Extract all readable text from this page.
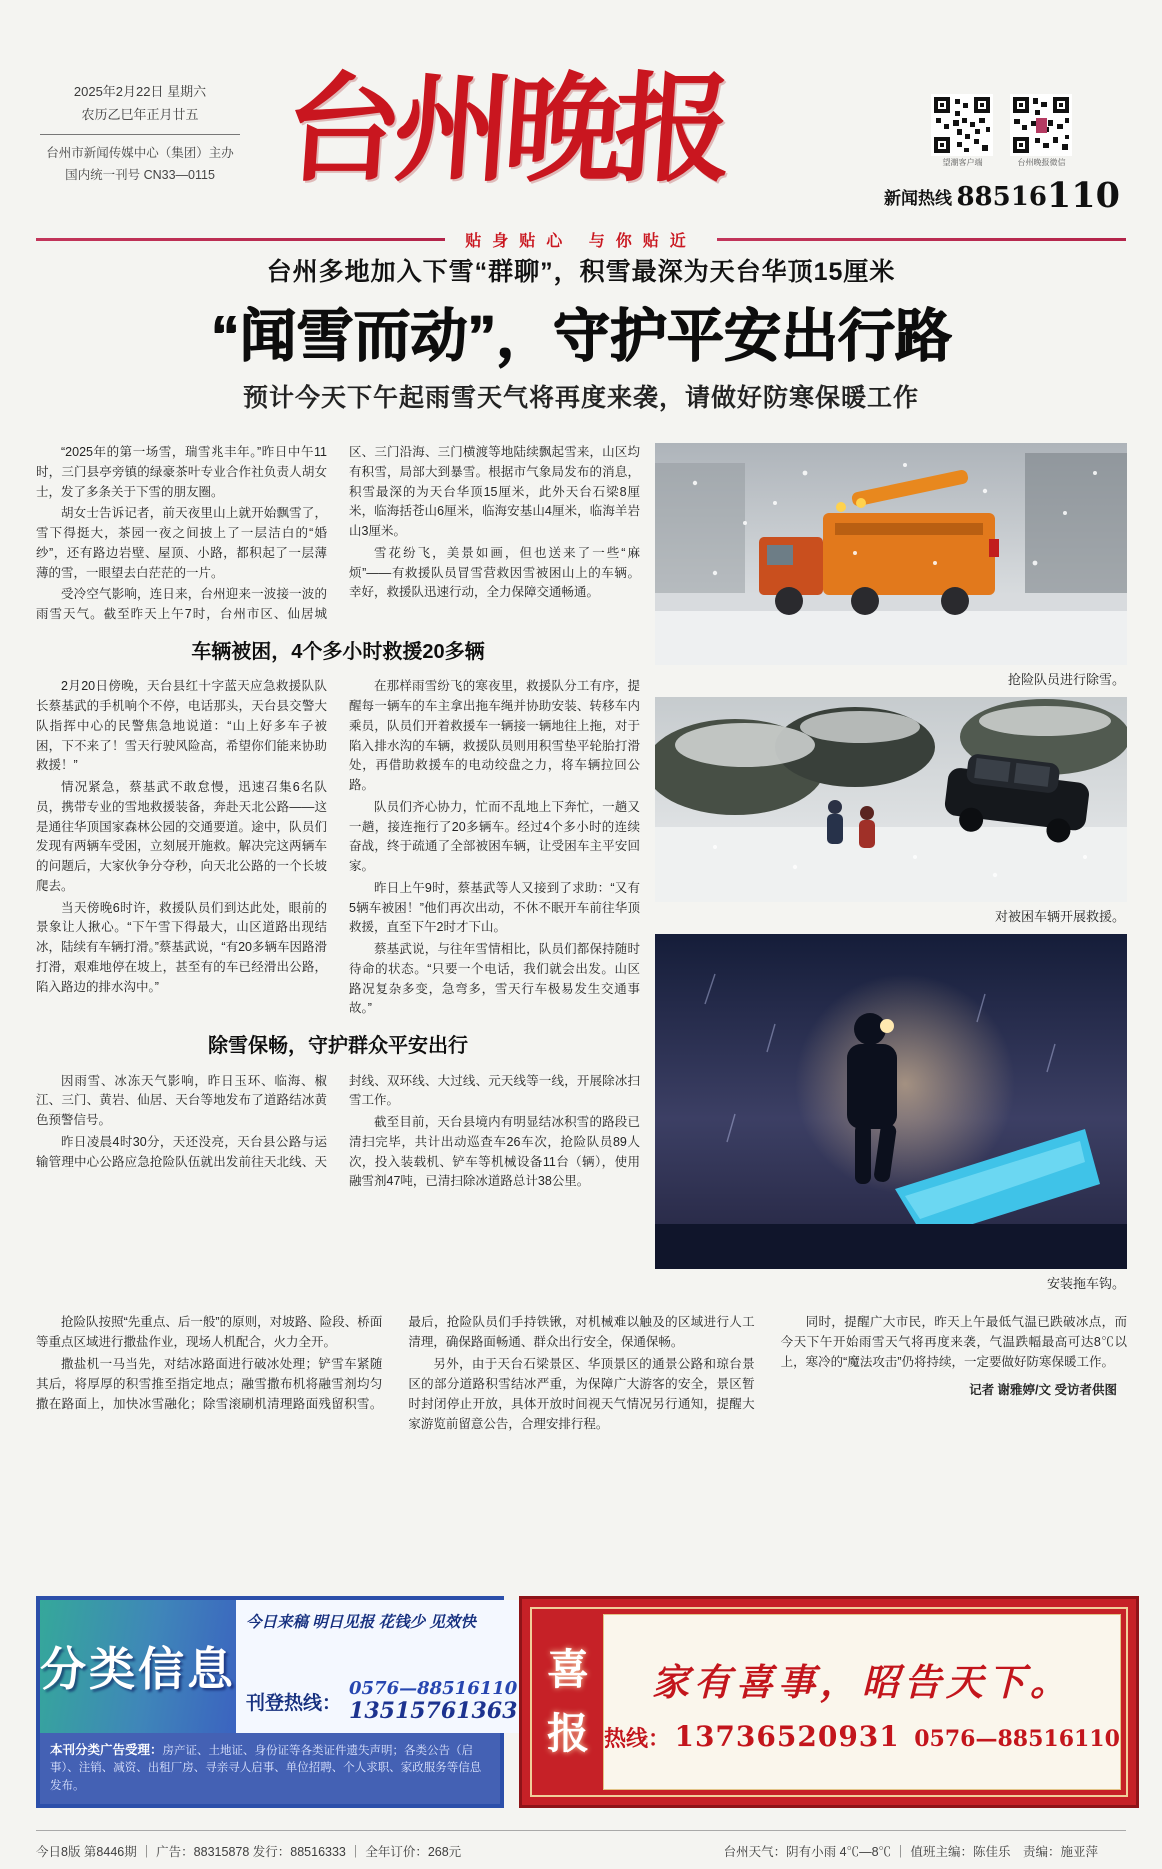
2025年2月22日 星期六
农历乙巳年正月廿五
台州市新闻传媒中心（集团）主办
国内统一刊号 CN33—0115 台州晚报	望潮客户端	台州晚报微信
新闻热线 88516110
贴身贴心 与你贴近
台州多地加入下雪“群聊”，积雪最深为天台华顶15厘米
“闻雪而动”，守护平安出行路
预计今天下午起雨雪天气将再度来袭，请做好防寒保暖工作

“2025年的第一场雪，瑞雪兆丰年。”昨日中午11时，三门县亭旁镇的绿豪茶叶专业合作社负责人胡女士，发了多条关于下雪的朋友圈。

胡女士告诉记者，前天夜里山上就开始飘雪了，雪下得挺大，茶园一夜之间披上了一层洁白的“婚纱”，还有路边岩壁、屋顶、小路，都积起了一层薄薄的雪，一眼望去白茫茫的一片。

受冷空气影响，连日来，台州迎来一波接一波的雨雪天气。截至昨天上午7时，台州市区、仙居城区、三门沿海、三门横渡等地陆续飘起雪来，山区均有积雪，局部大到暴雪。根据市气象局发布的消息，积雪最深的为天台华顶15厘米，此外天台石梁8厘米，临海括苍山6厘米，临海安基山4厘米，临海羊岩山3厘米。

雪花纷飞，美景如画，但也送来了一些“麻烦”——有救援队员冒雪营救因雪被困山上的车辆。幸好，救援队迅速行动，全力保障交通畅通。

车辆被困，4个多小时救援20多辆

2月20日傍晚，天台县红十字蓝天应急救援队队长蔡基武的手机响个不停，电话那头，天台县交警大队指挥中心的民警焦急地说道：“山上好多车子被困，下不来了！雪天行驶风险高，希望你们能来协助救援！”

情况紧急，蔡基武不敢怠慢，迅速召集6名队员，携带专业的雪地救援装备，奔赴天北公路——这是通往华顶国家森林公园的交通要道。途中，队员们发现有两辆车受困，立刻展开施救。解决完这两辆车的问题后，大家伙争分夺秒，向天北公路的一个长坡爬去。

当天傍晚6时许，救援队员们到达此处，眼前的景象让人揪心。“下午雪下得最大，山区道路出现结冰，陆续有车辆打滑。”蔡基武说，“有20多辆车因路滑打滑，艰难地停在坡上，甚至有的车已经滑出公路，陷入路边的排水沟中。”

在那样雨雪纷飞的寒夜里，救援队分工有序，提醒每一辆车的车主拿出拖车绳并协助安装、转移车内乘员，队员们开着救援车一辆接一辆地往上拖，对于陷入排水沟的车辆，救援队员则用积雪垫平轮胎打滑处，再借助救援车的电动绞盘之力，将车辆拉回公路。

队员们齐心协力，忙而不乱地上下奔忙，一趟又一趟，接连拖行了20多辆车。经过4个多小时的连续奋战，终于疏通了全部被困车辆，让受困车主平安回家。

昨日上午9时，蔡基武等人又接到了求助：“又有5辆车被困！”他们再次出动，不休不眠开车前往华顶救援，直至下午2时才下山。

蔡基武说，与往年雪情相比，队员们都保持随时待命的状态。“只要一个电话，我们就会出发。山区路况复杂多变，急弯多，雪天行车极易发生交通事故。”

除雪保畅，守护群众平安出行

因雨雪、冰冻天气影响，昨日玉环、临海、椒江、三门、黄岩、仙居、天台等地发布了道路结冰黄色预警信号。

昨日凌晨4时30分，天还没亮，天台县公路与运输管理中心公路应急抢险队伍就出发前往天北线、天封线、双环线、大过线、元天线等一线，开展除冰扫雪工作。

截至目前，天台县境内有明显结冰积雪的路段已清扫完毕，共计出动巡查车26车次，抢险队员89人次，投入装载机、铲车等机械设备11台（辆），使用融雪剂47吨，已清扫除冰道路总计38公里。

抢险队员进行除雪。
对被困车辆开展救援。
安装拖车钩。

抢险队按照“先重点、后一般”的原则，对坡路、险段、桥面等重点区域进行撒盐作业，现场人机配合，火力全开。

撒盐机一马当先，对结冰路面进行破冰处理；铲雪车紧随其后，将厚厚的积雪推至指定地点；融雪撒布机将融雪剂均匀撒在路面上，加快冰雪融化；除雪滚刷机清理路面残留积雪。最后，抢险队员们手持铁锹，对机械难以触及的区域进行人工清理，确保路面畅通、群众出行安全，保通保畅。

另外，由于天台石梁景区、华顶景区的通景公路和琼台景区的部分道路积雪结冰严重，为保障广大游客的安全，景区暂时封闭停止开放，具体开放时间视天气情况另行通知，提醒大家游览前留意公告，合理安排行程。

同时，提醒广大市民，昨天上午最低气温已跌破冰点，而今天下午开始雨雪天气将再度来袭，气温跌幅最高可达8℃以上，寒冷的“魔法攻击”仍将持续，一定要做好防寒保暖工作。

记者 谢雅婷/文 受访者供图

分类信息
今日来稿 明日见报 花钱少 见效快
刊登热线：
0576—88516110
13515761363
本刊分类广告受理：房产证、土地证、身份证等各类证件遗失声明；各类公告（启事）、注销、减资、出租厂房、寻亲寻人启事、单位招聘、个人求职、家政服务等信息发布。
喜报 家有喜事，昭告天下。
热线： 13736520931 0576—88516110
今日8版 第8446期 ｜ 广告：88315878 发行：88516333 ｜ 全年订价：268元	台州天气：阴有小雨 4℃—8℃ ｜ 值班主编：陈佳乐　责编：施亚萍
